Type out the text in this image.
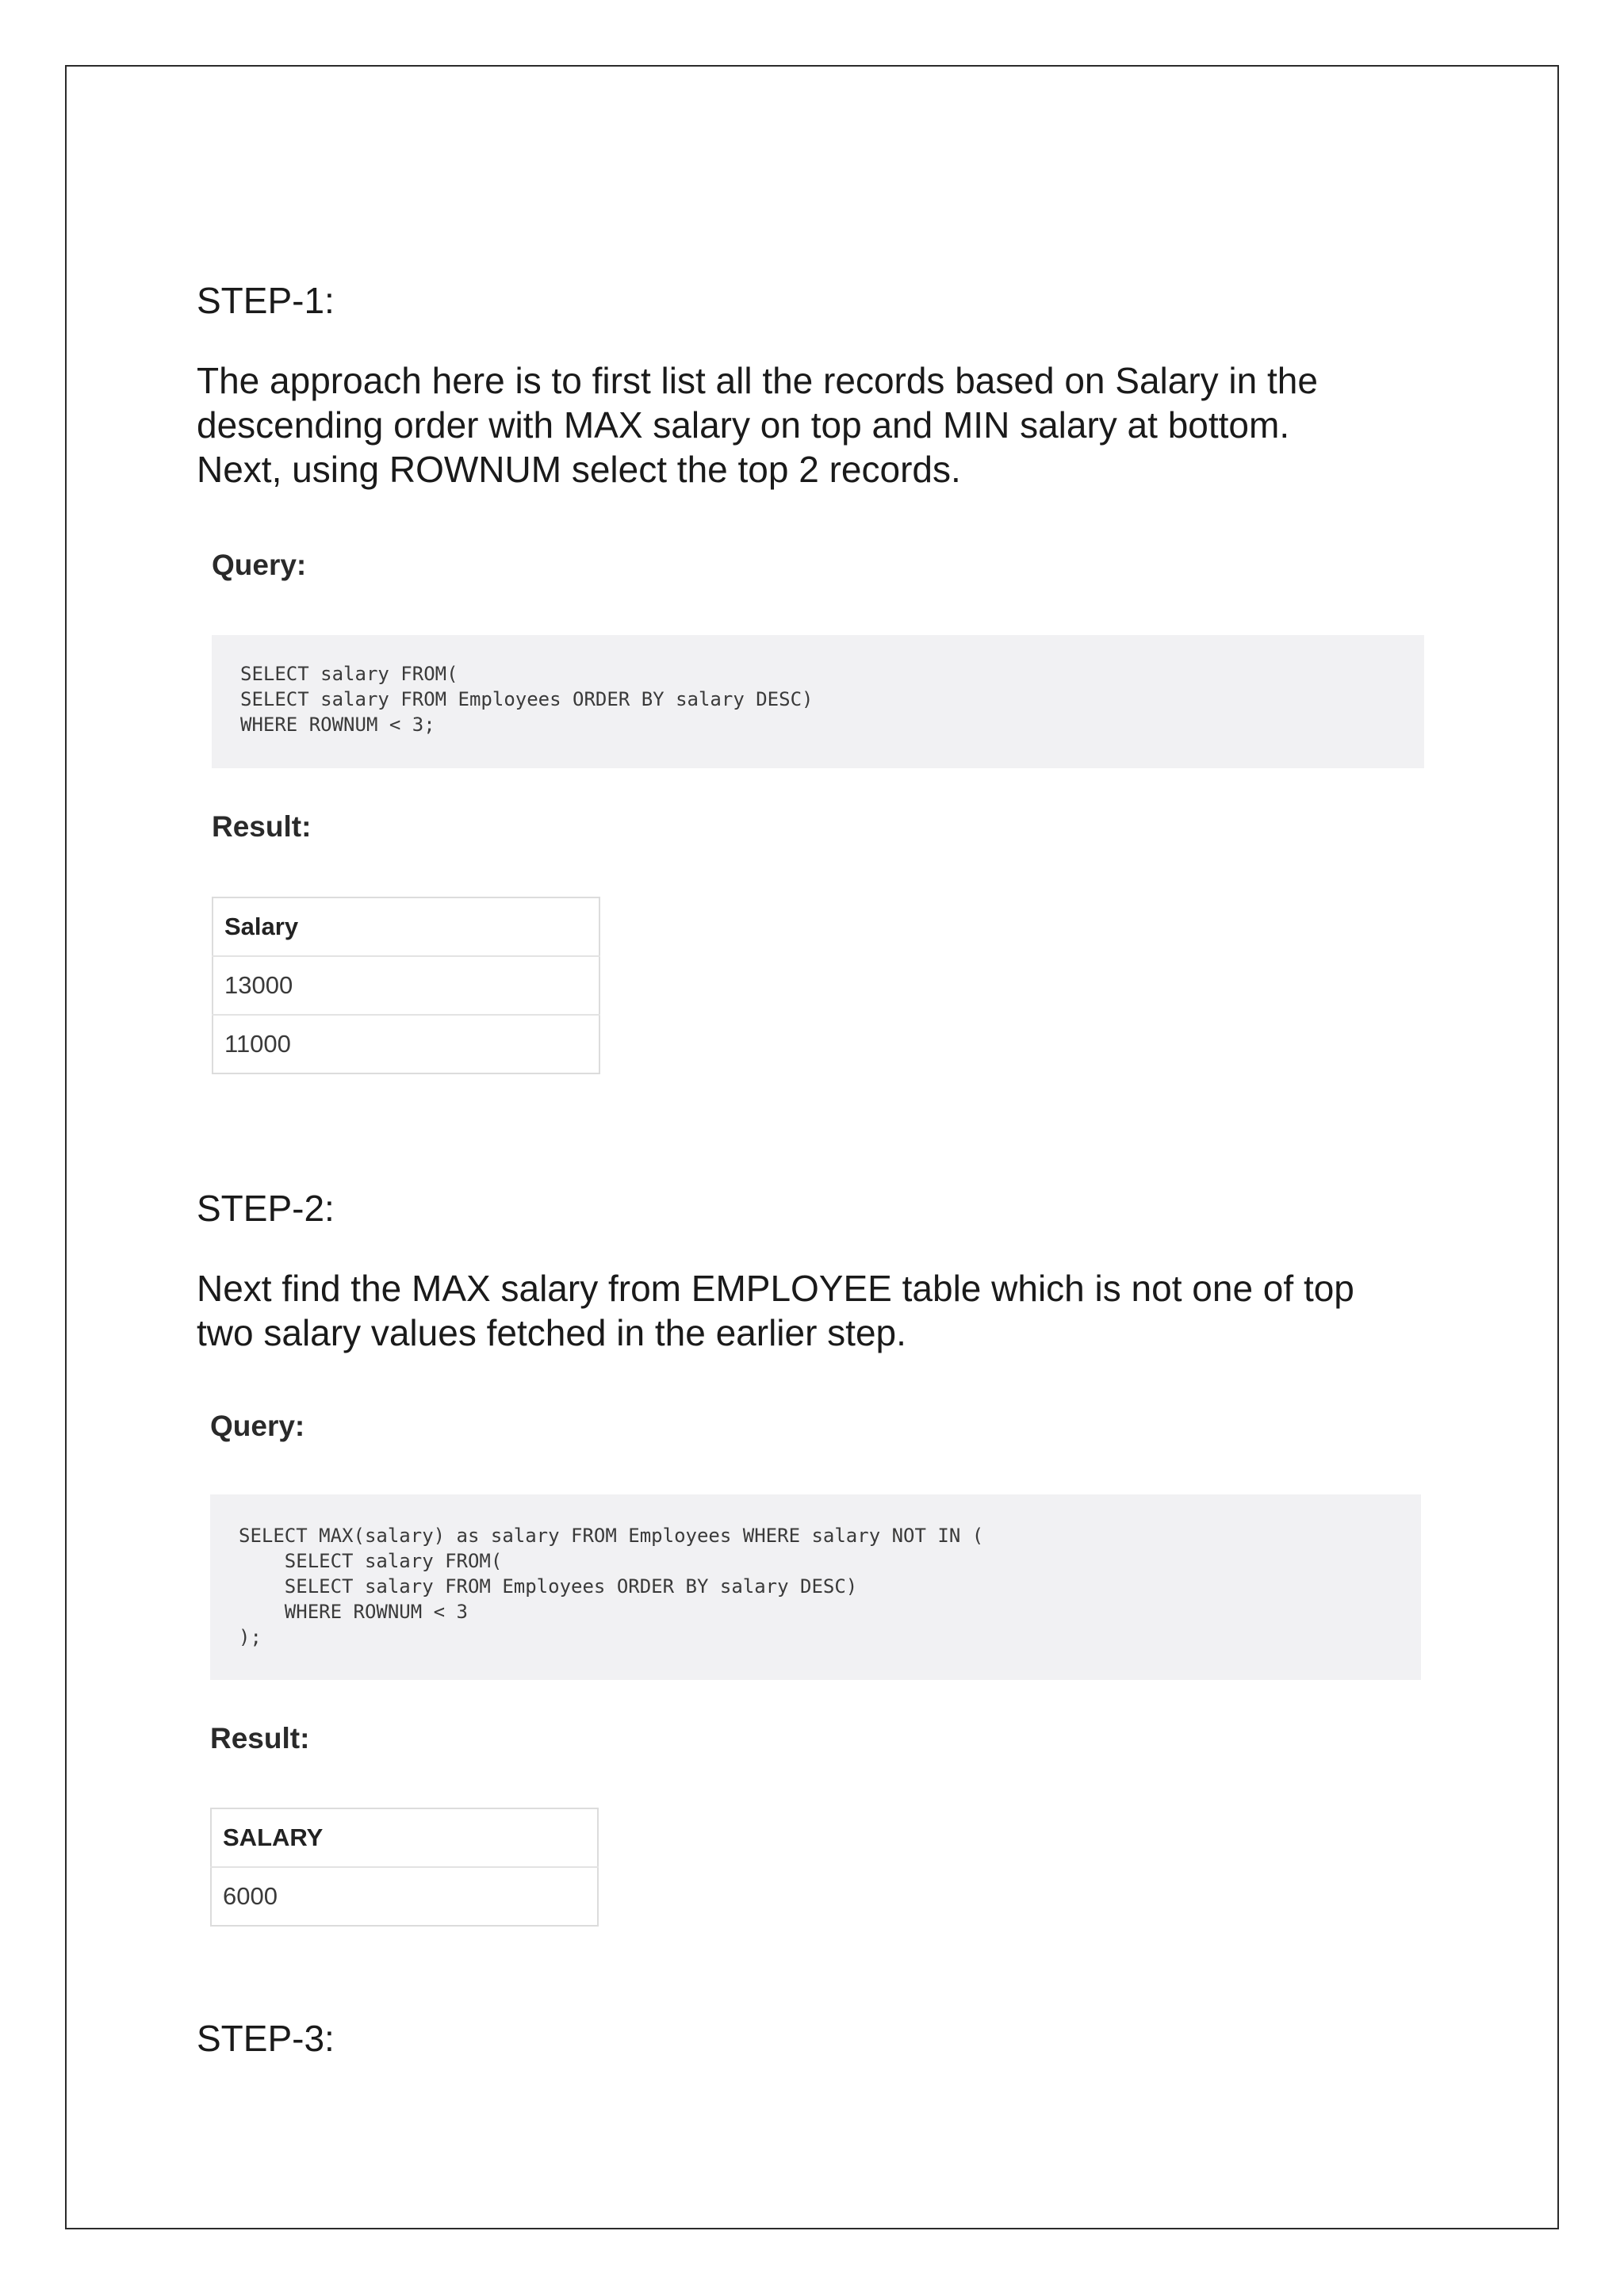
STEP-1:

The approach here is to first list all the records based on Salary in the
descending order with MAX salary on top and MIN salary at bottom.
Next, using ROWNUM select the top 2 records.

Query:
SELECT salary FROM(
SELECT salary FROM Employees ORDER BY salary DESC)
WHERE ROWNUM < 3;
Result:
Salary
13000
11000
STEP-2:

Next find the MAX salary from EMPLOYEE table which is not one of top
two salary values fetched in the earlier step.

Query:
SELECT MAX(salary) as salary FROM Employees WHERE salary NOT IN (
SELECT salary FROM(
SELECT salary FROM Employees ORDER BY salary DESC)
WHERE ROWNUM < 3
);
Result:
SALARY
6000
STEP-3:
